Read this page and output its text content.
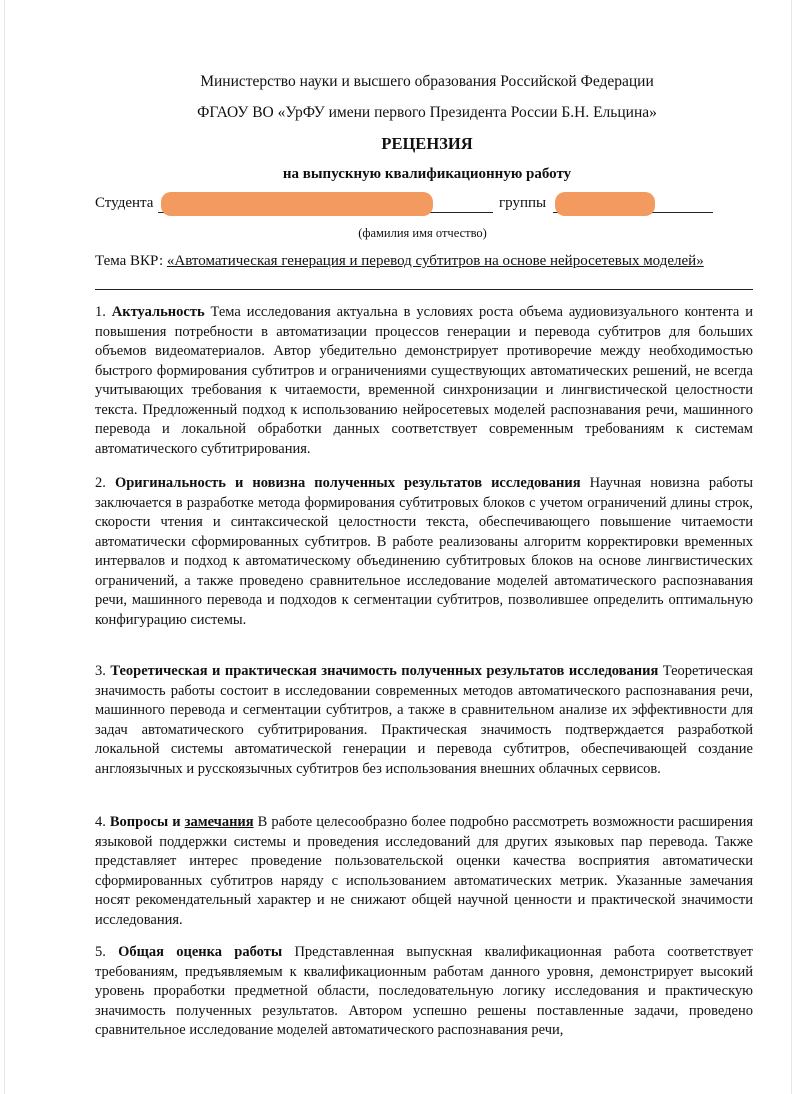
Министерство науки и высшего образования Российской Федерации
ФГАОУ ВО «УрФУ имени первого Президента России Б.Н. Ельцина»
РЕЦЕНЗИЯ
на выпускную квалификационную работу
Студента	группы
(фамилия имя отчество)
Тема ВКР: «Автоматическая генерация и перевод субтитров на основе нейросетевых моделей»
1. Актуальность Тема исследования актуальна в условиях роста объема аудиовизуального контента и повышения потребности в автоматизации процессов генерации и перевода субтитров для больших объемов видеоматериалов. Автор убедительно демонстрирует противоречие между необходимостью быстрого формирования субтитров и ограничениями существующих автоматических решений, не всегда учитывающих требования к читаемости, временной синхронизации и лингвистической целостности текста. Предложенный подход к использованию нейросетевых моделей распознавания речи, машинного перевода и локальной обработки данных соответствует современным требованиям к системам автоматического субтитрирования.
2. Оригинальность и новизна полученных результатов исследования Научная новизна работы заключается в разработке метода формирования субтитровых блоков с учетом ограничений длины строк, скорости чтения и синтаксической целостности текста, обеспечивающего повышение читаемости автоматически сформированных субтитров. В работе реализованы алгоритм корректировки временных интервалов и подход к автоматическому объединению субтитровых блоков на основе лингвистических ограничений, а также проведено сравнительное исследование моделей автоматического распознавания речи, машинного перевода и подходов к сегментации субтитров, позволившее определить оптимальную конфигурацию системы.
3. Теоретическая и практическая значимость полученных результатов исследования Теоретическая значимость работы состоит в исследовании современных методов автоматического распознавания речи, машинного перевода и сегментации субтитров, а также в сравнительном анализе их эффективности для задач автоматического субтитрирования. Практическая значимость подтверждается разработкой локальной системы автоматической генерации и перевода субтитров, обеспечивающей создание англоязычных и русскоязычных субтитров без использования внешних облачных сервисов.
4. Вопросы и замечания В работе целесообразно более подробно рассмотреть возможности расширения языковой поддержки системы и проведения исследований для других языковых пар перевода. Также представляет интерес проведение пользовательской оценки качества восприятия автоматически сформированных субтитров наряду с использованием автоматических метрик. Указанные замечания носят рекомендательный характер и не снижают общей научной ценности и практической значимости исследования.
5. Общая оценка работы Представленная выпускная квалификационная работа соответствует требованиям, предъявляемым к квалификационным работам данного уровня, демонстрирует высокий уровень проработки предметной области, последовательную логику исследования и практическую значимость полученных результатов. Автором успешно решены поставленные задачи, проведено сравнительное исследование моделей автоматического распознавания речи,
